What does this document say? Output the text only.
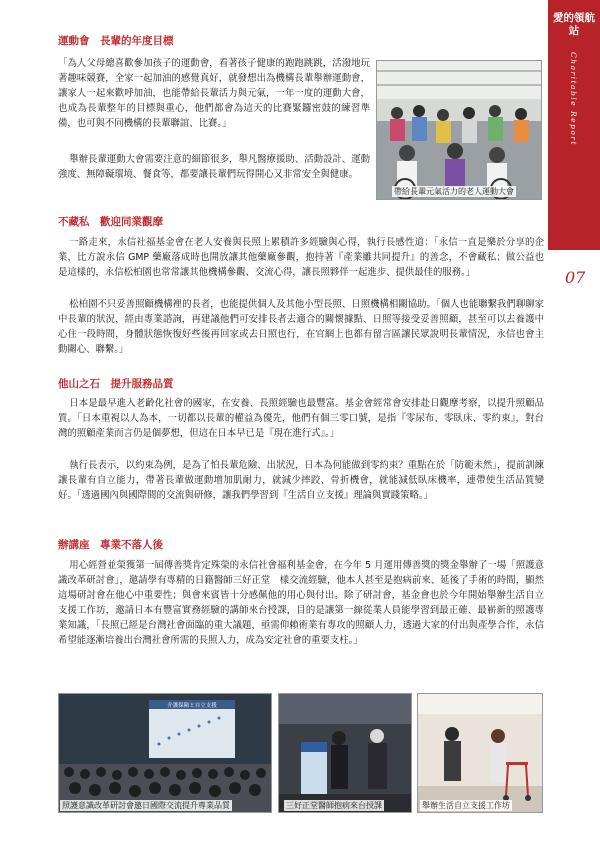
愛的領航站
Charitable Report
07
運動會　長輩的年度目標
「為人父母總喜歡參加孩子的運動會，看著孩子健康的跑跑跳跳，活潑地玩著趣味競賽，全家一起加油的感覺真好，就發想出為機構長輩舉辦運動會，讓家人一起來歡呼加油，也能帶給長輩活力與元氣，一年一度的運動大會，也成為長輩整年的目標與重心，他們都會為這天的比賽緊鑼密鼓的練習準備，也可與不同機構的長輩聯誼、比賽。」
舉辦長輩運動大會需要注意的細節很多，舉凡醫療援助、活動設計、運動強度、無障礙環境、餐食等，都要讓長輩們玩得開心又非常安全與健康。
帶給長輩元氣活力的老人運動大會
不藏私　歡迎同業觀摩
一路走來，永信社福基金會在老人安養與長照上累積許多經驗與心得，執行長感性道：「永信一直是樂於分享的企業，比方說永信 GMP 藥廠落成時也開放讓其他藥廠參觀，抱持著『產業雖共同提升』的善念，不會藏私；做公益也是這樣的，永信松柏園也常常讓其他機構參觀、交流心得，讓長照夥伴一起進步、提供最佳的服務。」
松柏園不只妥善照顧機構裡的長者，也能提供個人及其他小型長照、日照機構相關協助。「個人也能聯繫我們聊聊家中長輩的狀況，經由專業諮詢，再建議他們可安排長者去適合的關懷據點、日照等接受妥善照顧，甚至可以去養護中心住一段時間，身體狀態恢復好些後再回家或去日照也行，在官網上也都有留言區讓民眾說明長輩情況，永信也會主動關心、聯繫。」
他山之石　提升服務品質
日本是最早進入老齡化社會的國家，在安養、長照經驗也最豐富。基金會經常會安排赴日觀摩考察，以提升照顧品質。「日本重視以人為本，一切都以長輩的權益為優先，他們有個三零口號，是指『零尿布、零臥床、零約束』，對台灣的照顧產業而言仍是個夢想，但這在日本早已是『現在進行式』。」
執行長表示，以約束為例，是為了怕長輩危險、出狀況，日本為何能做到零約束？重點在於「防範未然」，提前訓練讓長輩有自立能力，帶著長輩做運動增加肌耐力，就減少摔跤、骨折機會，就能減低臥床機率，連帶使生活品質變好。「透過國內與國際間的交流與研修，讓我們學習到『生活自立支援』理論與實踐策略。」
辦講座　專業不落人後
用心經營並榮獲第一屆傳善獎肯定殊榮的永信社會福利基金會，在今年 5 月運用傳善獎的獎金舉辦了一場「照護意識改革研討會」，邀請學有專精的日籍醫師三好正堂　樣交流經驗，他本人甚至是抱病前來、延後了手術的時間，顯然這場研討會在他心中重要性；與會來賓皆十分感佩他的用心與付出。除了研討會，基金會也於今年開始舉辦生活自立支援工作坊，邀請日本有豐富實務經驗的講師來台授課，目的是讓第一線從業人員能學習到最正確、最嶄新的照護專業知識，「長照已經是台灣社會面臨的重大議題，亟需仰賴術業有專攻的照顧人力，透過大家的付出與產學合作，永信希望能逐漸培養出台灣社會所需的長照人力，成為安定社會的重要支柱。」
介護保險と自立支援
照護意識改革研討會邀日國際交流提升專業品質	三好正堂醫師抱病來台授課	舉辦生活自立支援工作坊
